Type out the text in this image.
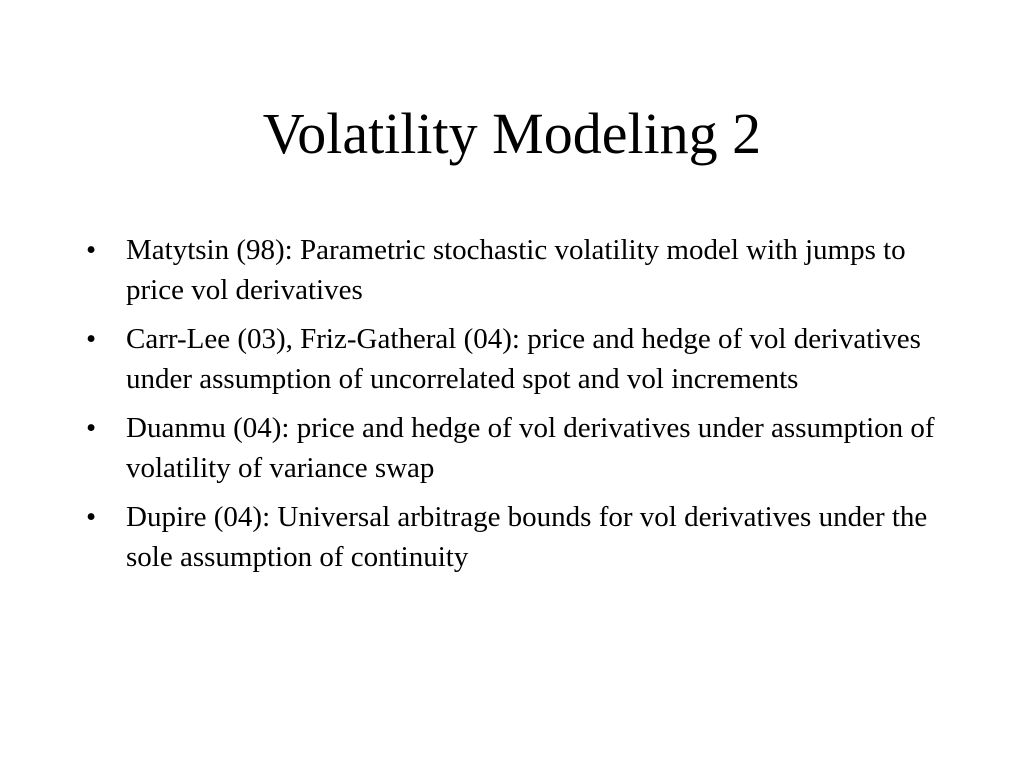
Volatility Modeling 2
•	Matytsin (98): Parametric stochastic volatility model with jumps to price vol derivatives
•	Carr-Lee (03), Friz-Gatheral (04): price and hedge of vol derivatives under assumption of uncorrelated spot and vol increments
•	Duanmu (04): price and hedge of vol derivatives under assumption of volatility of variance swap
•	Dupire (04): Universal arbitrage bounds for vol derivatives under the sole assumption of continuity
